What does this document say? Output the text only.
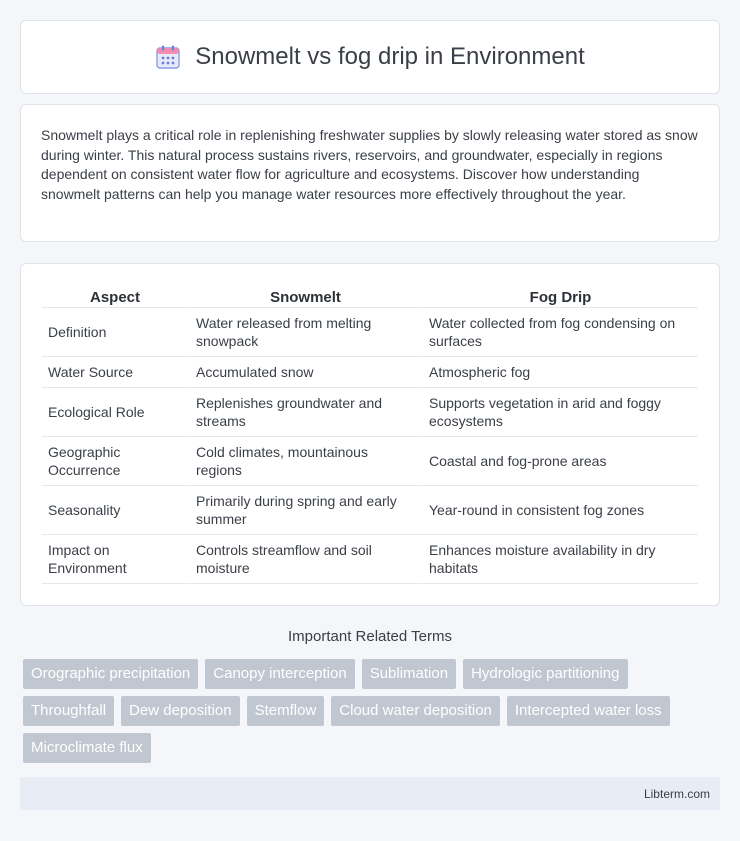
Snowmelt vs fog drip in Environment

Snowmelt plays a critical role in replenishing freshwater supplies by slowly releasing water stored as snow during winter. This natural process sustains rivers, reservoirs, and groundwater, especially in regions dependent on consistent water flow for agriculture and ecosystems. Discover how understanding snowmelt patterns can help you manage water resources more effectively throughout the year.

Aspect	Snowmelt	Fog Drip
Definition	Water released from melting snowpack	Water collected from fog condensing on surfaces
Water Source	Accumulated snow	Atmospheric fog
Ecological Role	Replenishes groundwater and streams	Supports vegetation in arid and foggy ecosystems
Geographic Occurrence	Cold climates, mountainous regions	Coastal and fog-prone areas
Seasonality	Primarily during spring and early summer	Year-round in consistent fog zones
Impact on Environment	Controls streamflow and soil moisture	Enhances moisture availability in dry habitats
Important Related Terms
Orographic precipitation	Canopy interception	Sublimation	Hydrologic partitioning
Throughfall	Dew deposition	Stemflow	Cloud water deposition	Intercepted water loss
Microclimate flux
Libterm.com
